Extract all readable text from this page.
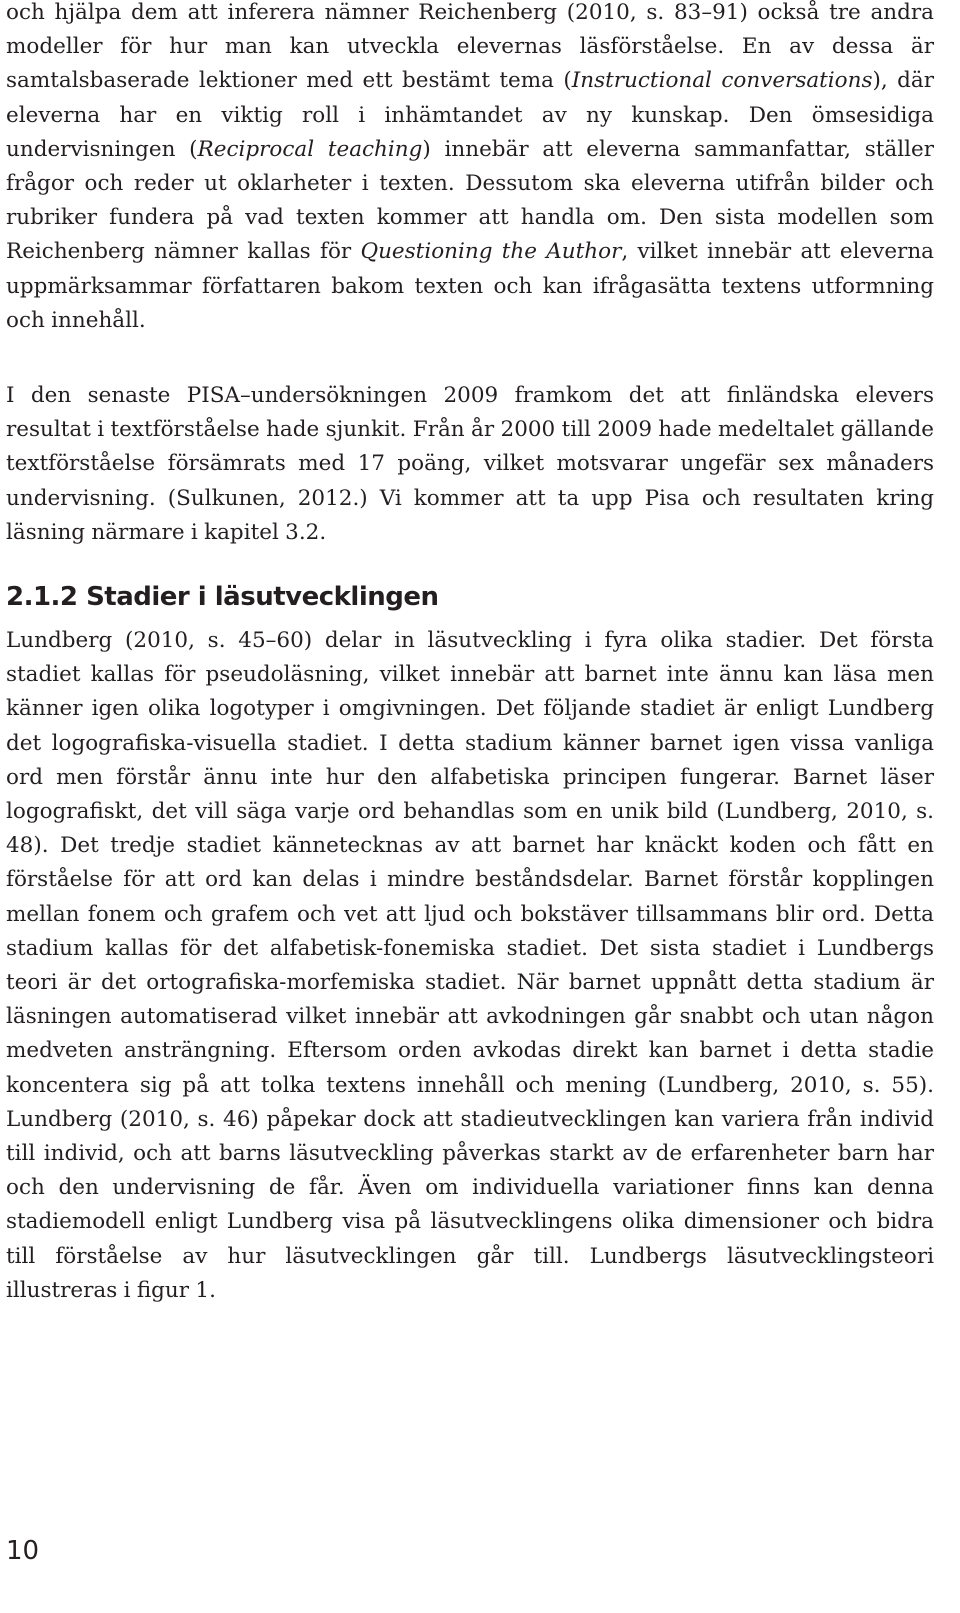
och hjälpa dem att inferera nämner Reichenberg (2010, s. 83–91) också tre andra modeller för hur man kan utveckla elevernas läsförståelse. En av dessa är samtalsbaserade lektioner med ett bestämt tema (Instructional conversations), där eleverna har en viktig roll i inhämtandet av ny kunskap. Den ömsesidiga undervisningen (Reciprocal teaching) innebär att eleverna sammanfattar, ställer frågor och reder ut oklarheter i texten. Dessutom ska eleverna utifrån bilder och rubriker fundera på vad texten kommer att handla om. Den sista modellen som Reichenberg nämner kallas för Questioning the Author, vilket innebär att eleverna uppmärksammar författaren bakom texten och kan ifrågasätta textens utformning och innehåll.

I den senaste PISA–undersökningen 2009 framkom det att finländska elevers resultat i textförståelse hade sjunkit. Från år 2000 till 2009 hade medeltalet gällande textförståelse försämrats med 17 poäng, vilket motsvarar ungefär sex månaders undervisning. (Sulkunen, 2012.) Vi kommer att ta upp Pisa och resultaten kring läsning närmare i kapitel 3.2.

2.1.2 Stadier i läsutvecklingen

Lundberg (2010, s. 45–60) delar in läsutveckling i fyra olika stadier. Det första stadiet kallas för pseudoläsning, vilket innebär att barnet inte ännu kan läsa men känner igen olika logotyper i omgivningen. Det följande stadiet är enligt Lundberg det logografiska-visuella stadiet. I detta stadium känner barnet igen vissa vanliga ord men förstår ännu inte hur den alfabetiska principen fungerar. Barnet läser logografiskt, det vill säga varje ord behandlas som en unik bild (Lundberg, 2010, s. 48). Det tredje stadiet kännetecknas av att barnet har knäckt koden och fått en förståelse för att ord kan delas i mindre beståndsdelar. Barnet förstår kopplingen mellan fonem och grafem och vet att ljud och bokstäver tillsammans blir ord. Detta stadium kallas för det alfabetisk-fonemiska stadiet. Det sista stadiet i Lundbergs teori är det ortografiska-morfemiska stadiet. När barnet uppnått detta stadium är läsningen automatiserad vilket innebär att avkodningen går snabbt och utan någon medveten ansträngning. Eftersom orden avkodas direkt kan barnet i detta stadie koncentera sig på att tolka textens innehåll och mening (Lundberg, 2010, s. 55). Lundberg (2010, s. 46) påpekar dock att stadieutvecklingen kan variera från individ till individ, och att barns läsutveckling påverkas starkt av de erfarenheter barn har och den undervisning de får. Även om individuella variationer finns kan denna stadiemodell enligt Lundberg visa på läsutvecklingens olika dimensioner och bidra till förståelse av hur läsutvecklingen går till. Lundbergs läsutvecklingsteori illustreras i figur 1.

10
